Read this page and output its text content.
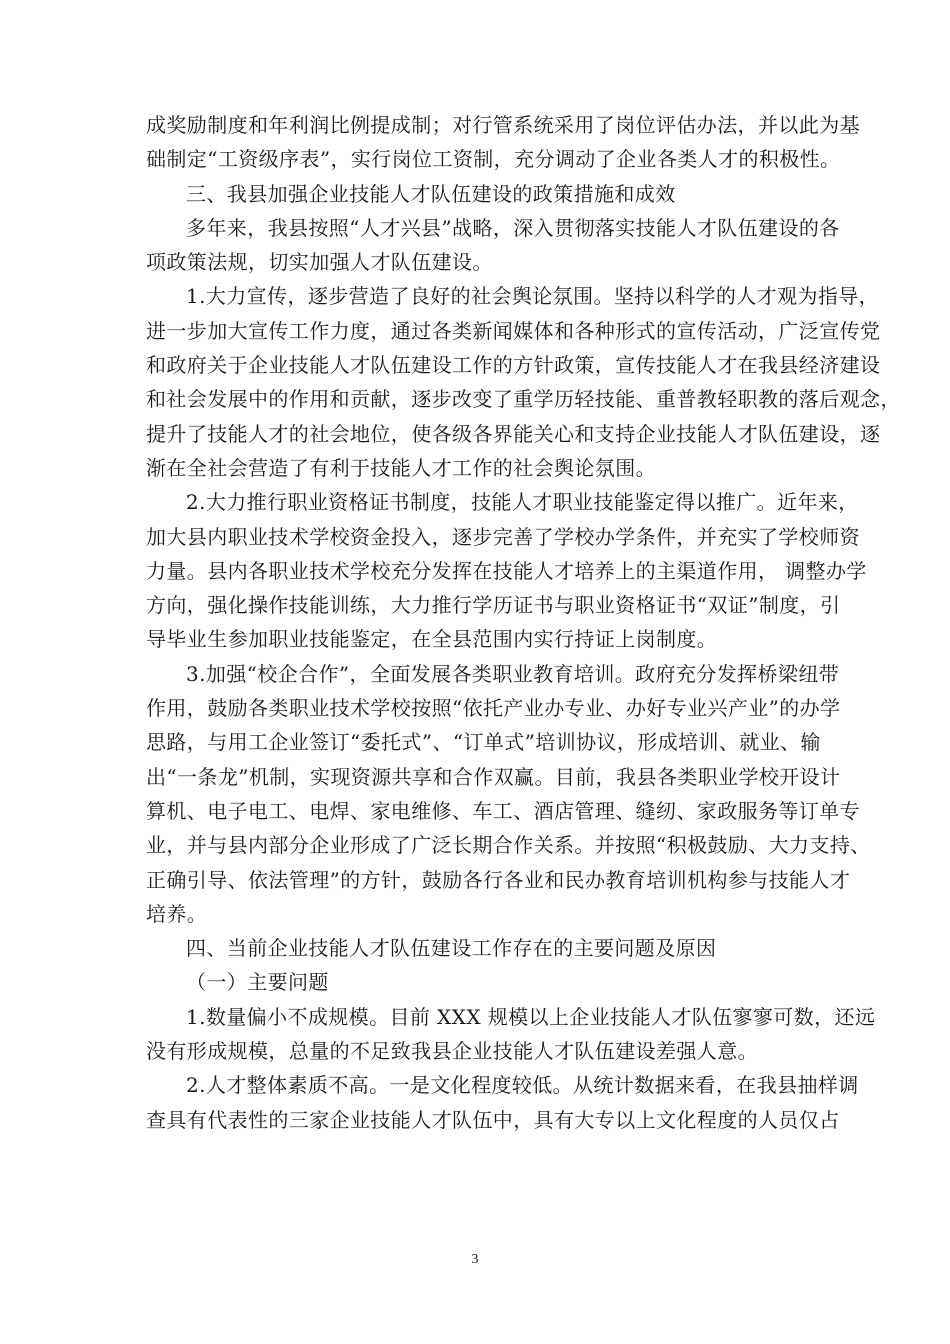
成奖励制度和年利润比例提成制；对行管系统采用了岗位评估办法，并以此为基
础制定“工资级序表”，实行岗位工资制，充分调动了企业各类人才的积极性。
三、我县加强企业技能人才队伍建设的政策措施和成效
多年来，我县按照“人才兴县”战略，深入贯彻落实技能人才队伍建设的各
项政策法规，切实加强人才队伍建设。
1.大力宣传，逐步营造了良好的社会舆论氛围。坚持以科学的人才观为指导，
进一步加大宣传工作力度，通过各类新闻媒体和各种形式的宣传活动，广泛宣传党
和政府关于企业技能人才队伍建设工作的方针政策，宣传技能人才在我县经济建设
和社会发展中的作用和贡献，逐步改变了重学历轻技能、重普教轻职教的落后观念，
提升了技能人才的社会地位，使各级各界能关心和支持企业技能人才队伍建设，逐
渐在全社会营造了有利于技能人才工作的社会舆论氛围。
2.大力推行职业资格证书制度，技能人才职业技能鉴定得以推广。近年来，
加大县内职业技术学校资金投入，逐步完善了学校办学条件，并充实了学校师资
力量。县内各职业技术学校充分发挥在技能人才培养上的主渠道作用， 调整办学
方向，强化操作技能训练，大力推行学历证书与职业资格证书“双证”制度，引
导毕业生参加职业技能鉴定，在全县范围内实行持证上岗制度。
3.加强“校企合作”，全面发展各类职业教育培训。政府充分发挥桥梁纽带
作用，鼓励各类职业技术学校按照“依托产业办专业、办好专业兴产业”的办学
思路，与用工企业签订“委托式”、“订单式”培训协议，形成培训、就业、输
出“一条龙”机制，实现资源共享和合作双赢。目前，我县各类职业学校开设计
算机、电子电工、电焊、家电维修、车工、酒店管理、缝纫、家政服务等订单专
业，并与县内部分企业形成了广泛长期合作关系。并按照“积极鼓励、大力支持、
正确引导、依法管理”的方针，鼓励各行各业和民办教育培训机构参与技能人才
培养。
四、当前企业技能人才队伍建设工作存在的主要问题及原因
（一）主要问题
1.数量偏小不成规模。目前 XXX 规模以上企业技能人才队伍寥寥可数，还远
没有形成规模，总量的不足致我县企业技能人才队伍建设差强人意。
2.人才整体素质不高。一是文化程度较低。从统计数据来看，在我县抽样调
查具有代表性的三家企业技能人才队伍中，具有大专以上文化程度的人员仅占
3
